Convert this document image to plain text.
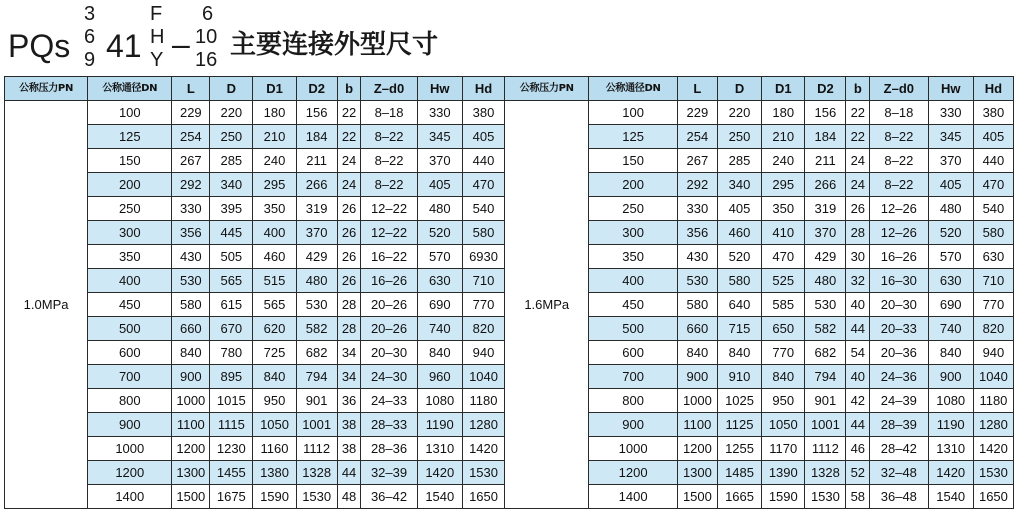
PQs
3
6
9 41
F
H
Y –
6
10
16 主要连接外型尺寸
公称压力PN	公称通径DN	L	D	D1	D2	b	Z–d0	Hw	Hd	公称压力PN	公称通径DN	L	D	D1	D2	b	Z–d0	Hw	Hd
1.0MPa	100	229	220	180	156	22	8–18	330	380	1.6MPa	100	229	220	180	156	22	8–18	330	380
	125	254	250	210	184	22	8–22	345	405		125	254	250	210	184	22	8–22	345	405
	150	267	285	240	211	24	8–22	370	440		150	267	285	240	211	24	8–22	370	440
	200	292	340	295	266	24	8–22	405	470		200	292	340	295	266	24	8–22	405	470
	250	330	395	350	319	26	12–22	480	540		250	330	405	350	319	26	12–26	480	540
	300	356	445	400	370	26	12–22	520	580		300	356	460	410	370	28	12–26	520	580
	350	430	505	460	429	26	16–22	570	6930		350	430	520	470	429	30	16–26	570	630
	400	530	565	515	480	26	16–26	630	710		400	530	580	525	480	32	16–30	630	710
	450	580	615	565	530	28	20–26	690	770		450	580	640	585	530	40	20–30	690	770
	500	660	670	620	582	28	20–26	740	820		500	660	715	650	582	44	20–33	740	820
	600	840	780	725	682	34	20–30	840	940		600	840	840	770	682	54	20–36	840	940
	700	900	895	840	794	34	24–30	960	1040		700	900	910	840	794	40	24–36	900	1040
	800	1000	1015	950	901	36	24–33	1080	1180		800	1000	1025	950	901	42	24–39	1080	1180
	900	1100	1115	1050	1001	38	28–33	1190	1280		900	1100	1125	1050	1001	44	28–39	1190	1280
	1000	1200	1230	1160	1112	38	28–36	1310	1420		1000	1200	1255	1170	1112	46	28–42	1310	1420
	1200	1300	1455	1380	1328	44	32–39	1420	1530		1200	1300	1485	1390	1328	52	32–48	1420	1530
	1400	1500	1675	1590	1530	48	36–42	1540	1650		1400	1500	1665	1590	1530	58	36–48	1540	1650
